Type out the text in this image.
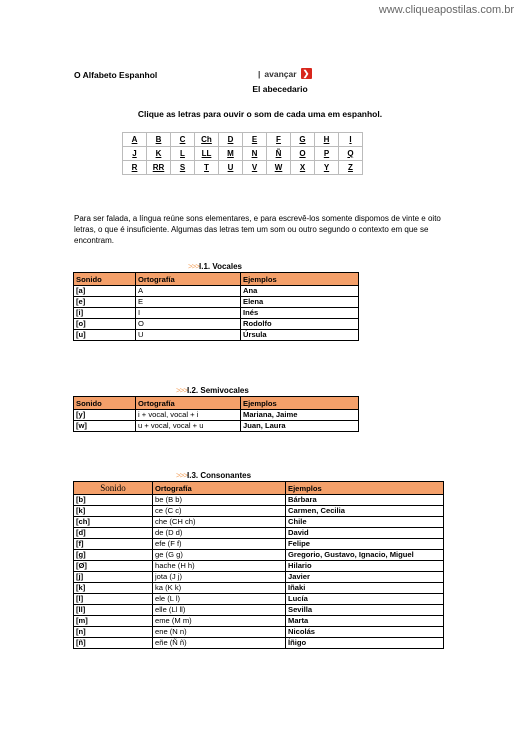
www.cliqueapostilas.com.br
O Alfabeto Espanhol	| avançar ❯
El abecedario
Clique as letras para ouvir o som de cada uma em espanhol.
A	B	C	Ch	D	E	F	G	H	I
J	K	L	LL	M	N	Ñ	O	P	Q
R	RR	S	T	U	V	W	X	Y	Z
Para ser falada, a língua reúne sons elementares, e para escrevê-los somente dispomos de vinte e oito letras, o que é insuficiente. Algumas das letras tem um som ou outro segundo o contexto em que se encontram.
>>>I.1. Vocales
Sonido	Ortografía	Ejemplos
[a]	A	Ana
[e]	E	Elena
[i]	I	Inés
[o]	O	Rodolfo
[u]	U	Úrsula
>>>I.2. Semivocales
Sonido	Ortografía	Ejemplos
[y]	i + vocal, vocal + i	Mariana, Jaime
[w]	u + vocal, vocal + u	Juan, Laura
>>>I.3. Consonantes
Sonido	Ortografía	Ejemplos
[b]	be (B b)	Bárbara
[k]	ce (C c)	Carmen, Cecilia
[ch]	che (CH ch)	Chile
[d]	de (D d)	David
[f]	efe (F f)	Felipe
[g]	ge (G g)	Gregorio, Gustavo, Ignacio, Miguel
[Ø]	hache (H h)	Hilario
[j]	jota (J j)	Javier
[k]	ka (K k)	Iñaki
[l]	ele (L l)	Lucía
[ll]	elle (Ll ll)	Sevilla
[m]	eme (M m)	Marta
[n]	ene (N n)	Nicolás
[ñ]	eñe (Ñ ñ)	Íñigo
